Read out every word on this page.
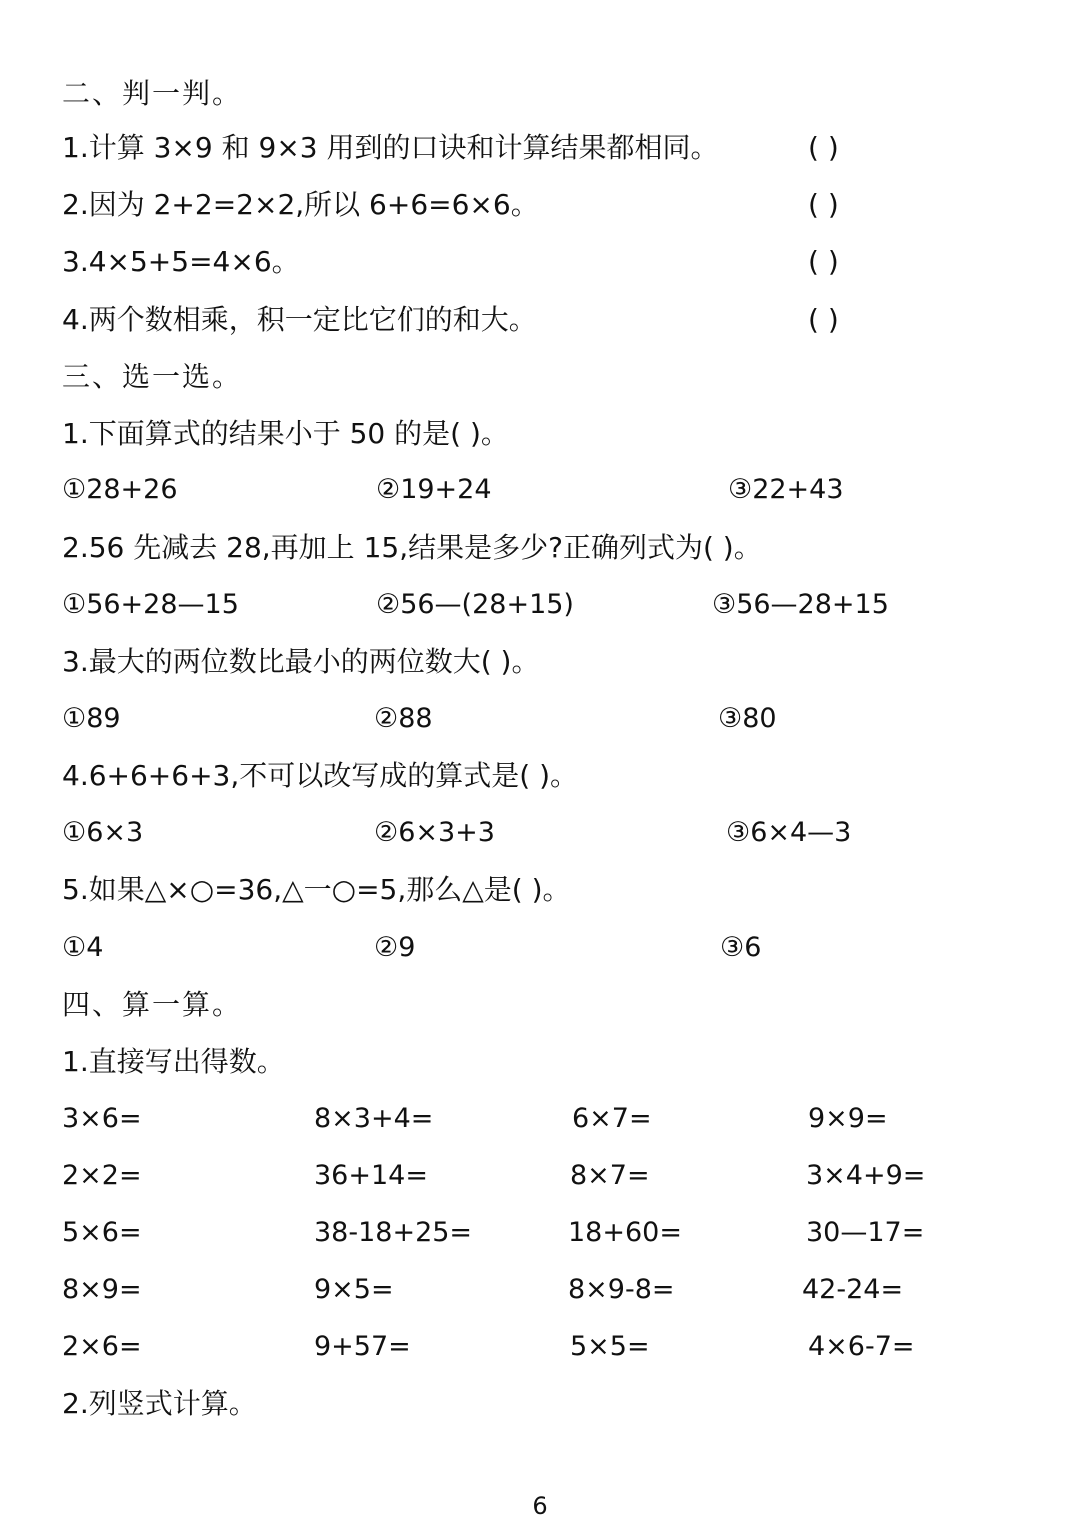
二、判一判。
1.计算 3×9 和 9×3 用到的口诀和计算结果都相同。	( )
2.因为 2+2=2×2,所以 6+6=6×6。	( )
3.4×5+5=4×6。	( )
4.两个数相乘，积一定比它们的和大。	( )
三、选一选。
1.下面算式的结果小于 50 的是( )。
①28+26	②19+24	③22+43
2.56 先减去 28,再加上 15,结果是多少?正确列式为( )。
①56+28—15	②56—(28+15)	③56—28+15
3.最大的两位数比最小的两位数大( )。
①89	②88	③80
4.6+6+6+3,不可以改写成的算式是( )。
①6×3	②6×3+3	③6×4—3
5.如果△×○=36,△一○=5,那么△是( )。
①4	②9	③6
四、算一算。
1.直接写出得数。
3×6=	8×3+4=	6×7=	9×9=
2×2=	36+14=	8×7=	3×4+9=
5×6=	38-18+25=	18+60=	30—17=
8×9=	9×5=	8×9-8=	42-24=
2×6=	9+57=	5×5=	4×6-7=
2.列竖式计算。
6
